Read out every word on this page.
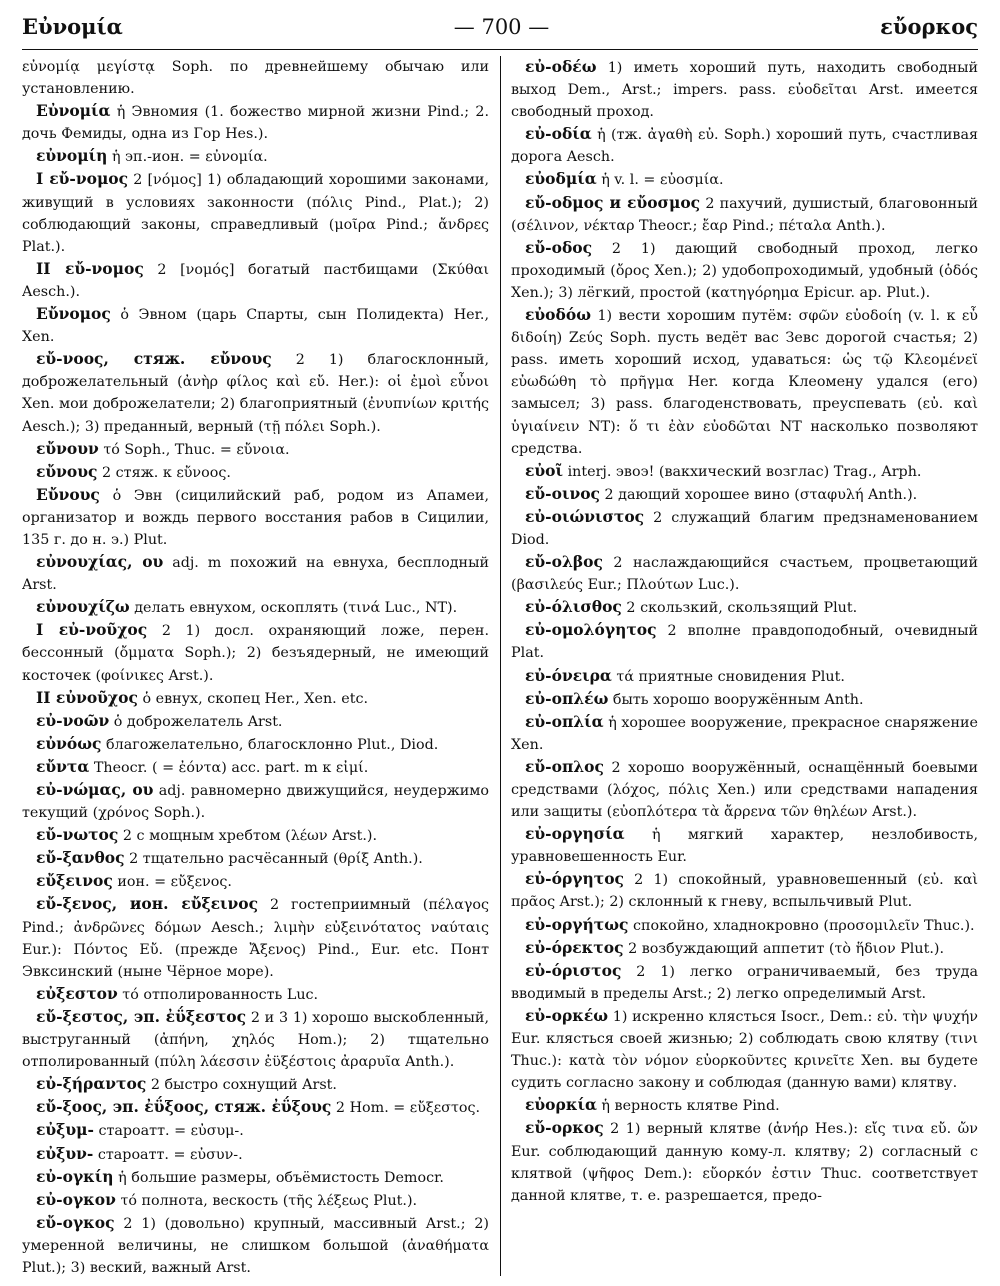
Εὐνομία	— 700 —	εὔορκος

εὐνομίᾳ μεγίστᾳ Soph. по древнейшему обычаю или установлению.

Εὐνομία ἡ Эвномия (1. божество мирной жизни Pind.; 2. дочь Фемиды, одна из Гор Hes.).

εὐνομίη ἡ эп.-ион. = εὐνομία.

I εὔ-νομος 2 [νόμος] 1) обладающий хорошими законами, живущий в условиях законности (πόλις Pind., Plat.); 2) соблюдающий законы, справедливый (μοῖρα Pind.; ἄνδρες Plat.).

II εὔ-νομος 2 [νομός] богатый пастбищами (Σκύθαι Aesch.).

Εὔνομος ὁ Эвном (царь Спарты, сын Полидекта) Her., Xen.

εὔ-νοος, стяж. εὔνους 2 1) благосклонный, доброжелательный (ἀνὴρ φίλος καὶ εὔ. Her.): οἱ ἐμοὶ εὖνοι Xen. мои доброжелатели; 2) благоприятный (ἐνυπνίων κριτής Aesch.); 3) преданный, верный (τῇ πόλει Soph.).

εὔνουν τό Soph., Thuc. = εὔνοια.

εὔνους 2 стяж. к εὔνοος.

Εὔνους ὁ Эвн (сицилийский раб, родом из Апамеи, организатор и вождь первого восстания рабов в Сицилии, 135 г. до н. э.) Plut.

εὐνουχίας, ου adj. m похожий на евнуха, бесплодный Arst.

εὐνουχίζω делать евнухом, оскоплять (τινά Luc., NT).

I εὐ-νοῦχος 2 1) досл. охраняющий ложе, перен. бессонный (ὄμματα Soph.); 2) безъядерный, не имеющий косточек (φοίνικες Arst.).

II εὐνοῦχος ὁ евнух, скопец Her., Xen. etc.

εὐ-νοῶν ὁ доброжелатель Arst.

εὐνόως благожелательно, благосклонно Plut., Diod.

εὔντα Theocr. ( = ἐόντα) acc. part. m к εἰμί.

εὐ-νώμας, ου adj. равномерно движущийся, неудержимо текущий (χρόνος Soph.).

εὔ-νωτος 2 с мощным хребтом (λέων Arst.).

εὔ-ξανθος 2 тщательно расчёсанный (θρίξ Anth.).

εὔξεινος ион. = εὔξενος.

εὔ-ξενος, ион. εὔξεινος 2 гостеприимный (πέλαγος Pind.; ἀνδρῶνες δόμων Aesch.; λιμὴν εὐξεινότατος ναύταις Eur.): Πόντος Εὔ. (прежде Ἄξενος) Pind., Eur. etc. Понт Эвксинский (ныне Чёрное море).

εὐξεστον τό отполированность Luc.

εὔ-ξεστος, эп. ἐΰξεστος 2 и 3 1) хорошо выскобленный, выструганный (ἀπήνη, χηλός Hom.); 2) тщательно отполированный (πύλη λάεσσιν ἐϋξέστοις ἀραρυῖα Anth.).

εὐ-ξήραντος 2 быстро сохнущий Arst.

εὔ-ξοος, эп. ἐΰξοος, стяж. ἐΰξους 2 Hom. = εὔξεστος.

εὐξυμ- староатт. = εὐσυμ-.

εὐξυν- староатт. = εὐσυν-.

εὐ-ογκίη ἡ большие размеры, объёмистость Democr.

εὐ-ογκον τό полнота, вескость (τῆς λέξεως Plut.).

εὔ-ογκος 2 1) (довольно) крупный, массивный Arst.; 2) умеренной величины, не слишком большой (ἀναθήματα Plut.); 3) веский, важный Arst.

εὐ-οδέω 1) иметь хороший путь, находить свободный выход Dem., Arst.; impers. pass. εὐοδεῖται Arst. имеется свободный проход.

εὐ-οδία ἡ (тж. ἀγαθὴ εὐ. Soph.) хороший путь, счастливая дорога Aesch.

εὐοδμία ἡ v. l. = εὐοσμία.

εὔ-οδμος и εὔοσμος 2 пахучий, душистый, благовонный (σέλινον, νέκταρ Theocr.; ἔαρ Pind.; πέταλα Anth.).

εὔ-οδος 2 1) дающий свободный проход, легко проходимый (ὄρος Xen.); 2) удобопроходимый, удобный (ὁδός Xen.); 3) лёгкий, простой (κατηγόρημα Epicur. ap. Plut.).

εὐοδόω 1) вести хорошим путём: σφῶν εὐοδοίη (v. l. к εὖ διδοίη) Ζεύς Soph. пусть ведёт вас Зевс дорогой счастья; 2) pass. иметь хороший исход, удаваться: ὡς τῷ Κλεομένεϊ εὐωδώθη τὸ πρῆγμα Her. когда Клеомену удался (его) замысел; 3) pass. благоденствовать, преуспевать (εὐ. καὶ ὑγιαίνειν NT): ὅ τι ἐὰν εὐοδῶται NT насколько позволяют средства.

εὐοῖ interj. эвоэ! (вакхический возглас) Trag., Arph.

εὔ-οινος 2 дающий хорошее вино (σταφυλή Anth.).

εὐ-οιώνιστος 2 служащий благим предзнаменованием Diod.

εὔ-ολβος 2 наслаждающийся счастьем, процветающий (βασιλεύς Eur.; Πλούτων Luc.).

εὐ-όλισθος 2 скользкий, скользящий Plut.

εὐ-ομολόγητος 2 вполне правдоподобный, очевидный Plat.

εὐ-όνειρα τά приятные сновидения Plut.

εὐ-οπλέω быть хорошо вооружённым Anth.

εὐ-οπλία ἡ хорошее вооружение, прекрасное снаряжение Xen.

εὔ-οπλος 2 хорошо вооружённый, оснащённый боевыми средствами (λόχος, πόλις Xen.) или средствами нападения или защиты (εὐοπλότερα τὰ ἄρρενα τῶν θηλέων Arst.).

εὐ-οργησία ἡ мягкий характер, незлобивость, уравновешенность Eur.

εὐ-όργητος 2 1) спокойный, уравновешенный (εὐ. καὶ πρᾶος Arst.); 2) склонный к гневу, вспыльчивый Plut.

εὐ-οργήτως спокойно, хладнокровно (προσομιλεῖν Thuc.).

εὐ-όρεκτος 2 возбуждающий аппетит (τὸ ἥδιον Plut.).

εὐ-όριστος 2 1) легко ограничиваемый, без труда вводимый в пределы Arst.; 2) легко определимый Arst.

εὐ-ορκέω 1) искренно клясться Isocr., Dem.: εὐ. τὴν ψυχήν Eur. клясться своей жизнью; 2) соблюдать свою клятву (τινι Thuc.): κατὰ τὸν νόμον εὐορκοῦντες κρινεῖτε Xen. вы будете судить согласно закону и соблюдая (данную вами) клятву.

εὐορκία ἡ верность клятве Pind.

εὔ-ορκος 2 1) верный клятве (ἀνήρ Hes.): εἴς τινα εὔ. ὤν Eur. соблюдающий данную кому-л. клятву; 2) согласный с клятвой (ψῆφος Dem.): εὔορκόν ἐστιν Thuc. соответствует данной клятве, т. е. разрешается, предо-
